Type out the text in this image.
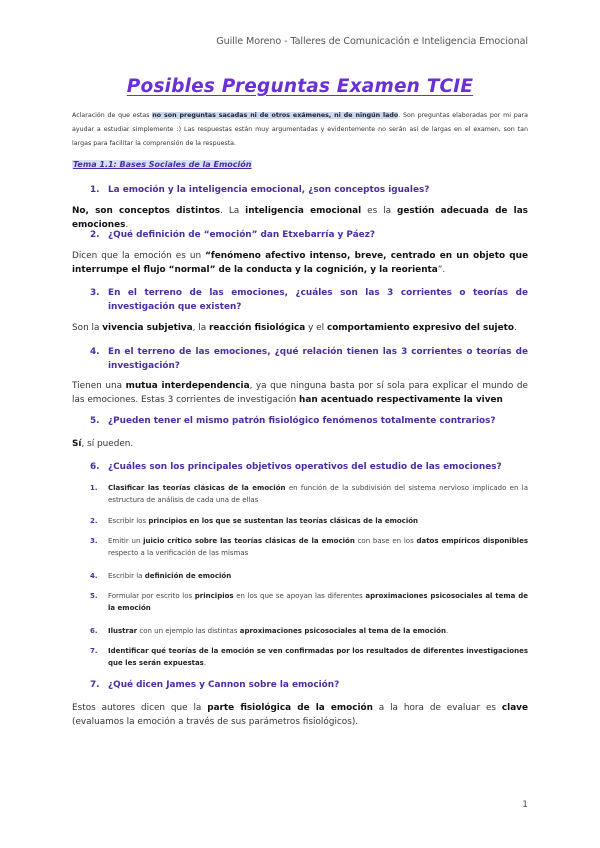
Guille Moreno - Talleres de Comunicación e Inteligencia Emocional
Posibles Preguntas Examen TCIE
Aclaración de que estas no son preguntas sacadas ni de otros exámenes, ni de ningún lado. Son preguntas elaboradas por mi para ayudar a estudiar simplemente :) Las respuestas están muy argumentadas y evidentemente no serán así de largas en el examen, son tan largas para facilitar la comprensión de la respuesta.
Tema 1.1: Bases Sociales de la Emoción
1. La emoción y la inteligencia emocional, ¿son conceptos iguales?
No, son conceptos distintos. La inteligencia emocional es la gestión adecuada de las emociones.
2. ¿Qué definición de “emoción” dan Etxebarría y Páez?
Dicen que la emoción es un “fenómeno afectivo intenso, breve, centrado en un objeto que interrumpe el flujo “normal” de la conducta y la cognición, y la reorienta”.
3. En el terreno de las emociones, ¿cuáles son las 3 corrientes o teorías de investigación que existen?
Son la vivencia subjetiva, la reacción fisiológica y el comportamiento expresivo del sujeto.
4. En el terreno de las emociones, ¿qué relación tienen las 3 corrientes o teorías de investigación?
Tienen una mutua interdependencia, ya que ninguna basta por sí sola para explicar el mundo de las emociones. Estas 3 corrientes de investigación han acentuado respectivamente la viven
5. ¿Pueden tener el mismo patrón fisiológico fenómenos totalmente contrarios?
Sí, sí pueden.
6. ¿Cuáles son los principales objetivos operativos del estudio de las emociones?
1.	Clasificar las teorías clásicas de la emoción en función de la subdivisión del sistema nervioso implicado en la estructura de análisis de cada una de ellas
2.	Escribir los principios en los que se sustentan las teorías clásicas de la emoción
3.	Emitir un juicio crítico sobre las teorías clásicas de la emoción con base en los datos empíricos disponibles respecto a la verificación de las mismas
4.	Escribir la definición de emoción
5.	Formular por escrito los principios en los que se apoyan las diferentes aproximaciones psicosociales al tema de la emoción
6.	Ilustrar con un ejemplo las distintas aproximaciones psicosociales al tema de la emoción.
7.	Identificar qué teorías de la emoción se ven confirmadas por los resultados de diferentes investigaciones que les serán expuestas.
7. ¿Qué dicen James y Cannon sobre la emoción?
Estos autores dicen que la parte fisiológica de la emoción a la hora de evaluar es clave (evaluamos la emoción a través de sus parámetros fisiológicos).
1
